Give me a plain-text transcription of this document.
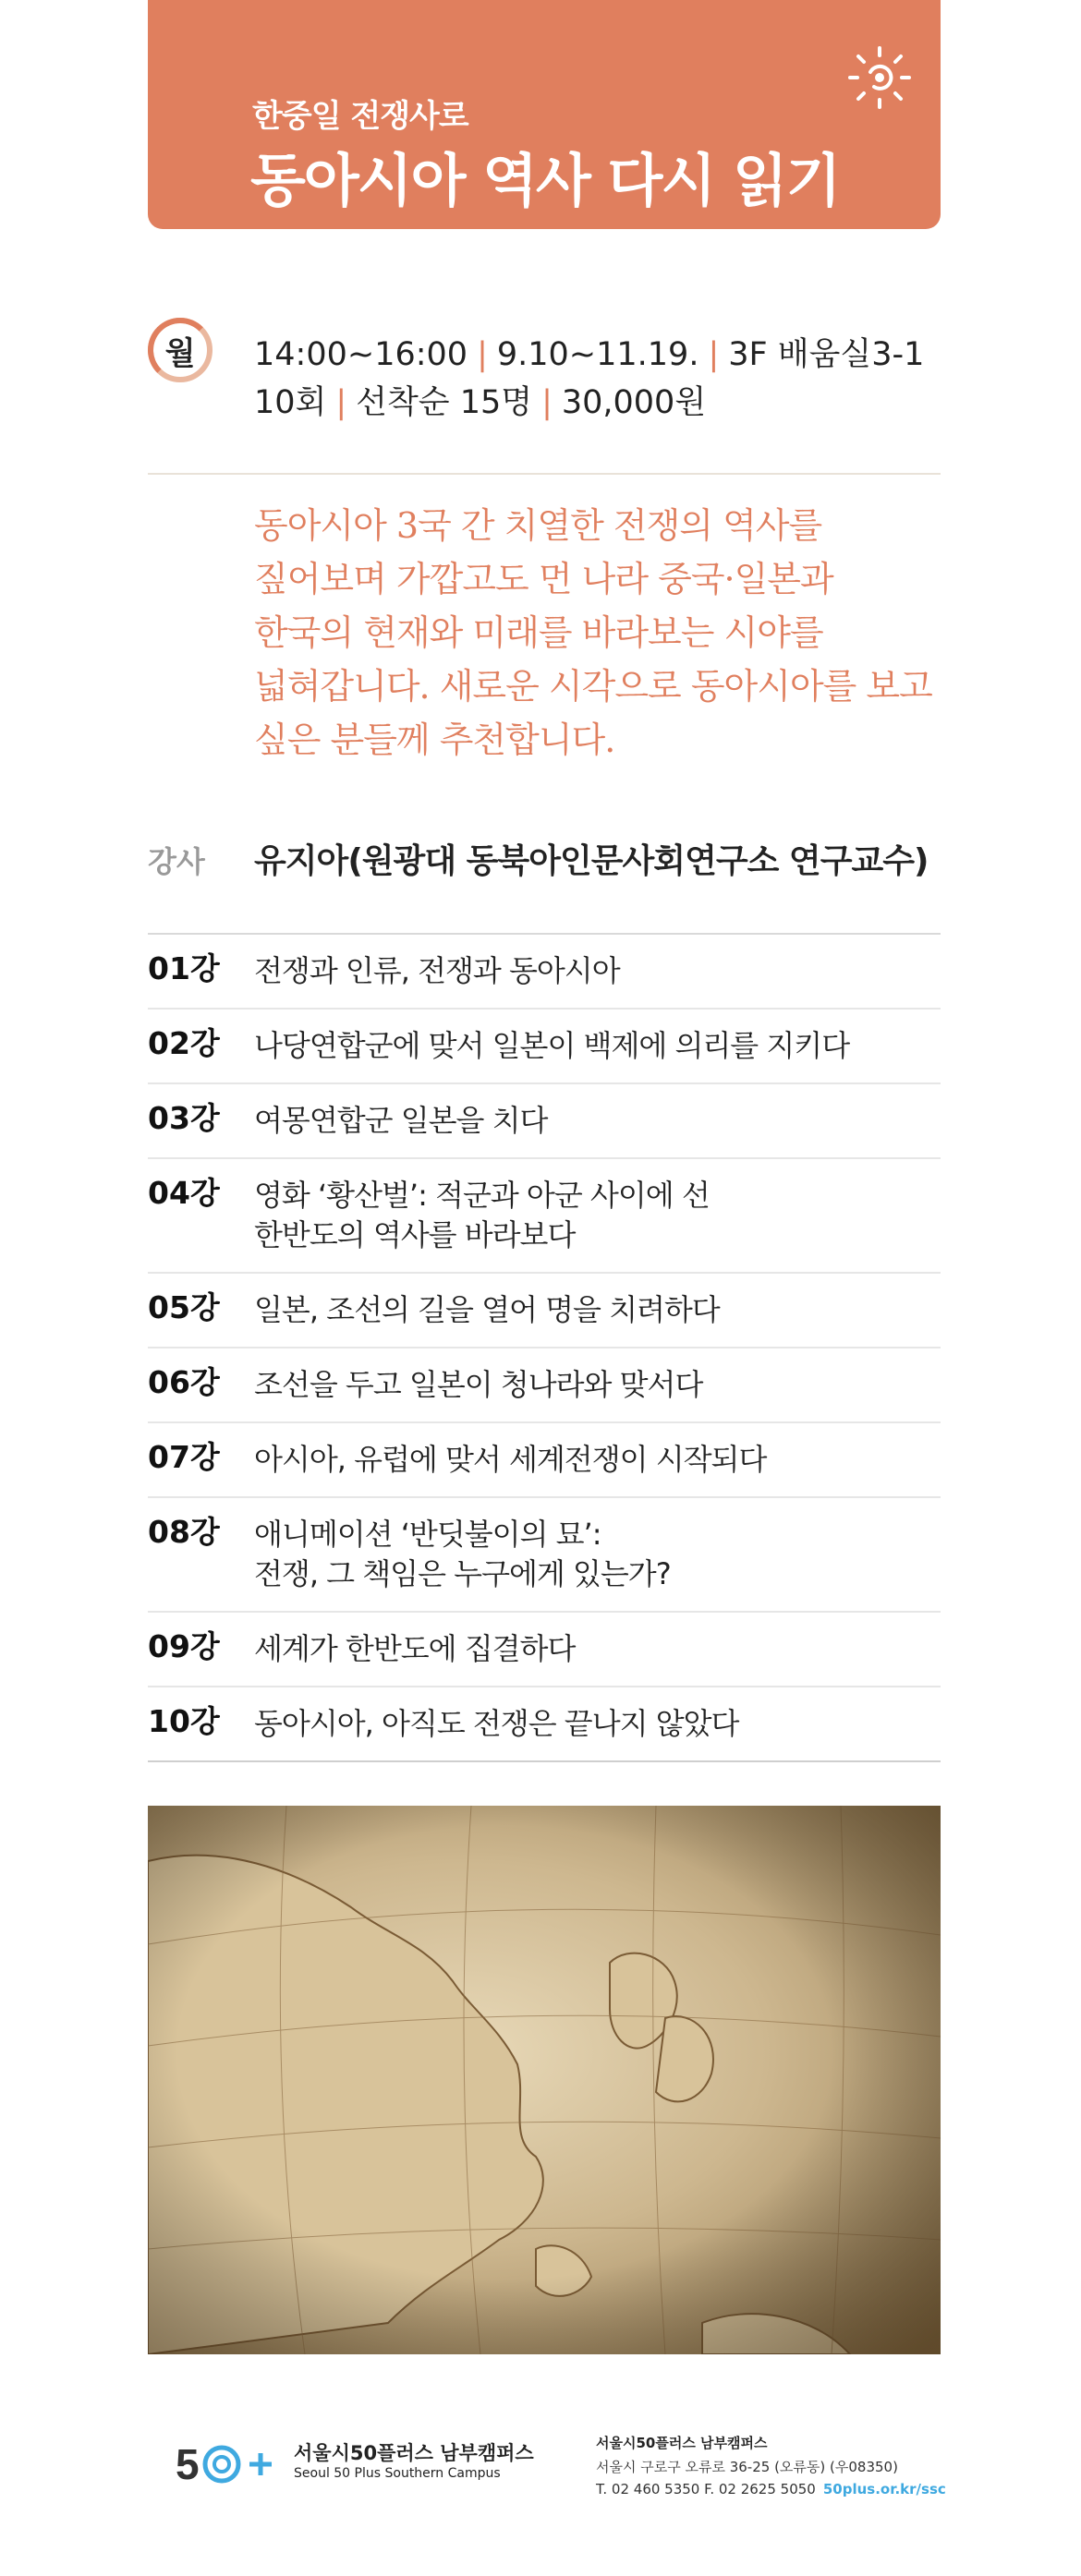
한중일 전쟁사로
동아시아 역사 다시 읽기
월 14:00~16:00 | 9.10~11.19. | 3F 배움실3-1
10회 | 선착순 15명 | 30,000원
동아시아 3국 간 치열한 전쟁의 역사를 짚어보며 가깝고도 먼 나라 중국·일본과 한국의 현재와 미래를 바라보는 시야를 넓혀갑니다. 새로운 시각으로 동아시아를 보고 싶은 분들께 추천합니다.
강사 유지아(원광대 동북아인문사회연구소 연구교수)
01강	전쟁과 인류, 전쟁과 동아시아
02강	나당연합군에 맞서 일본이 백제에 의리를 지키다
03강	여몽연합군 일본을 치다
04강	영화 ‘황산벌’: 적군과 아군 사이에 선
한반도의 역사를 바라보다
05강	일본, 조선의 길을 열어 명을 치려하다
06강	조선을 두고 일본이 청나라와 맞서다
07강	아시아, 유럽에 맞서 세계전쟁이 시작되다
08강	애니메이션 ‘반딧불이의 묘’:
전쟁, 그 책임은 누구에게 있는가?
09강	세계가 한반도에 집결하다
10강	동아시아, 아직도 전쟁은 끝나지 않았다
5	서울시50플러스 남부캠퍼스
Seoul 50 Plus Southern Campus
서울시50플러스 남부캠퍼스
서울시 구로구 오류로 36-25 (오류동) (우08350)
T. 02 460 5350 F. 02 2625 5050 50plus.or.kr/ssc
